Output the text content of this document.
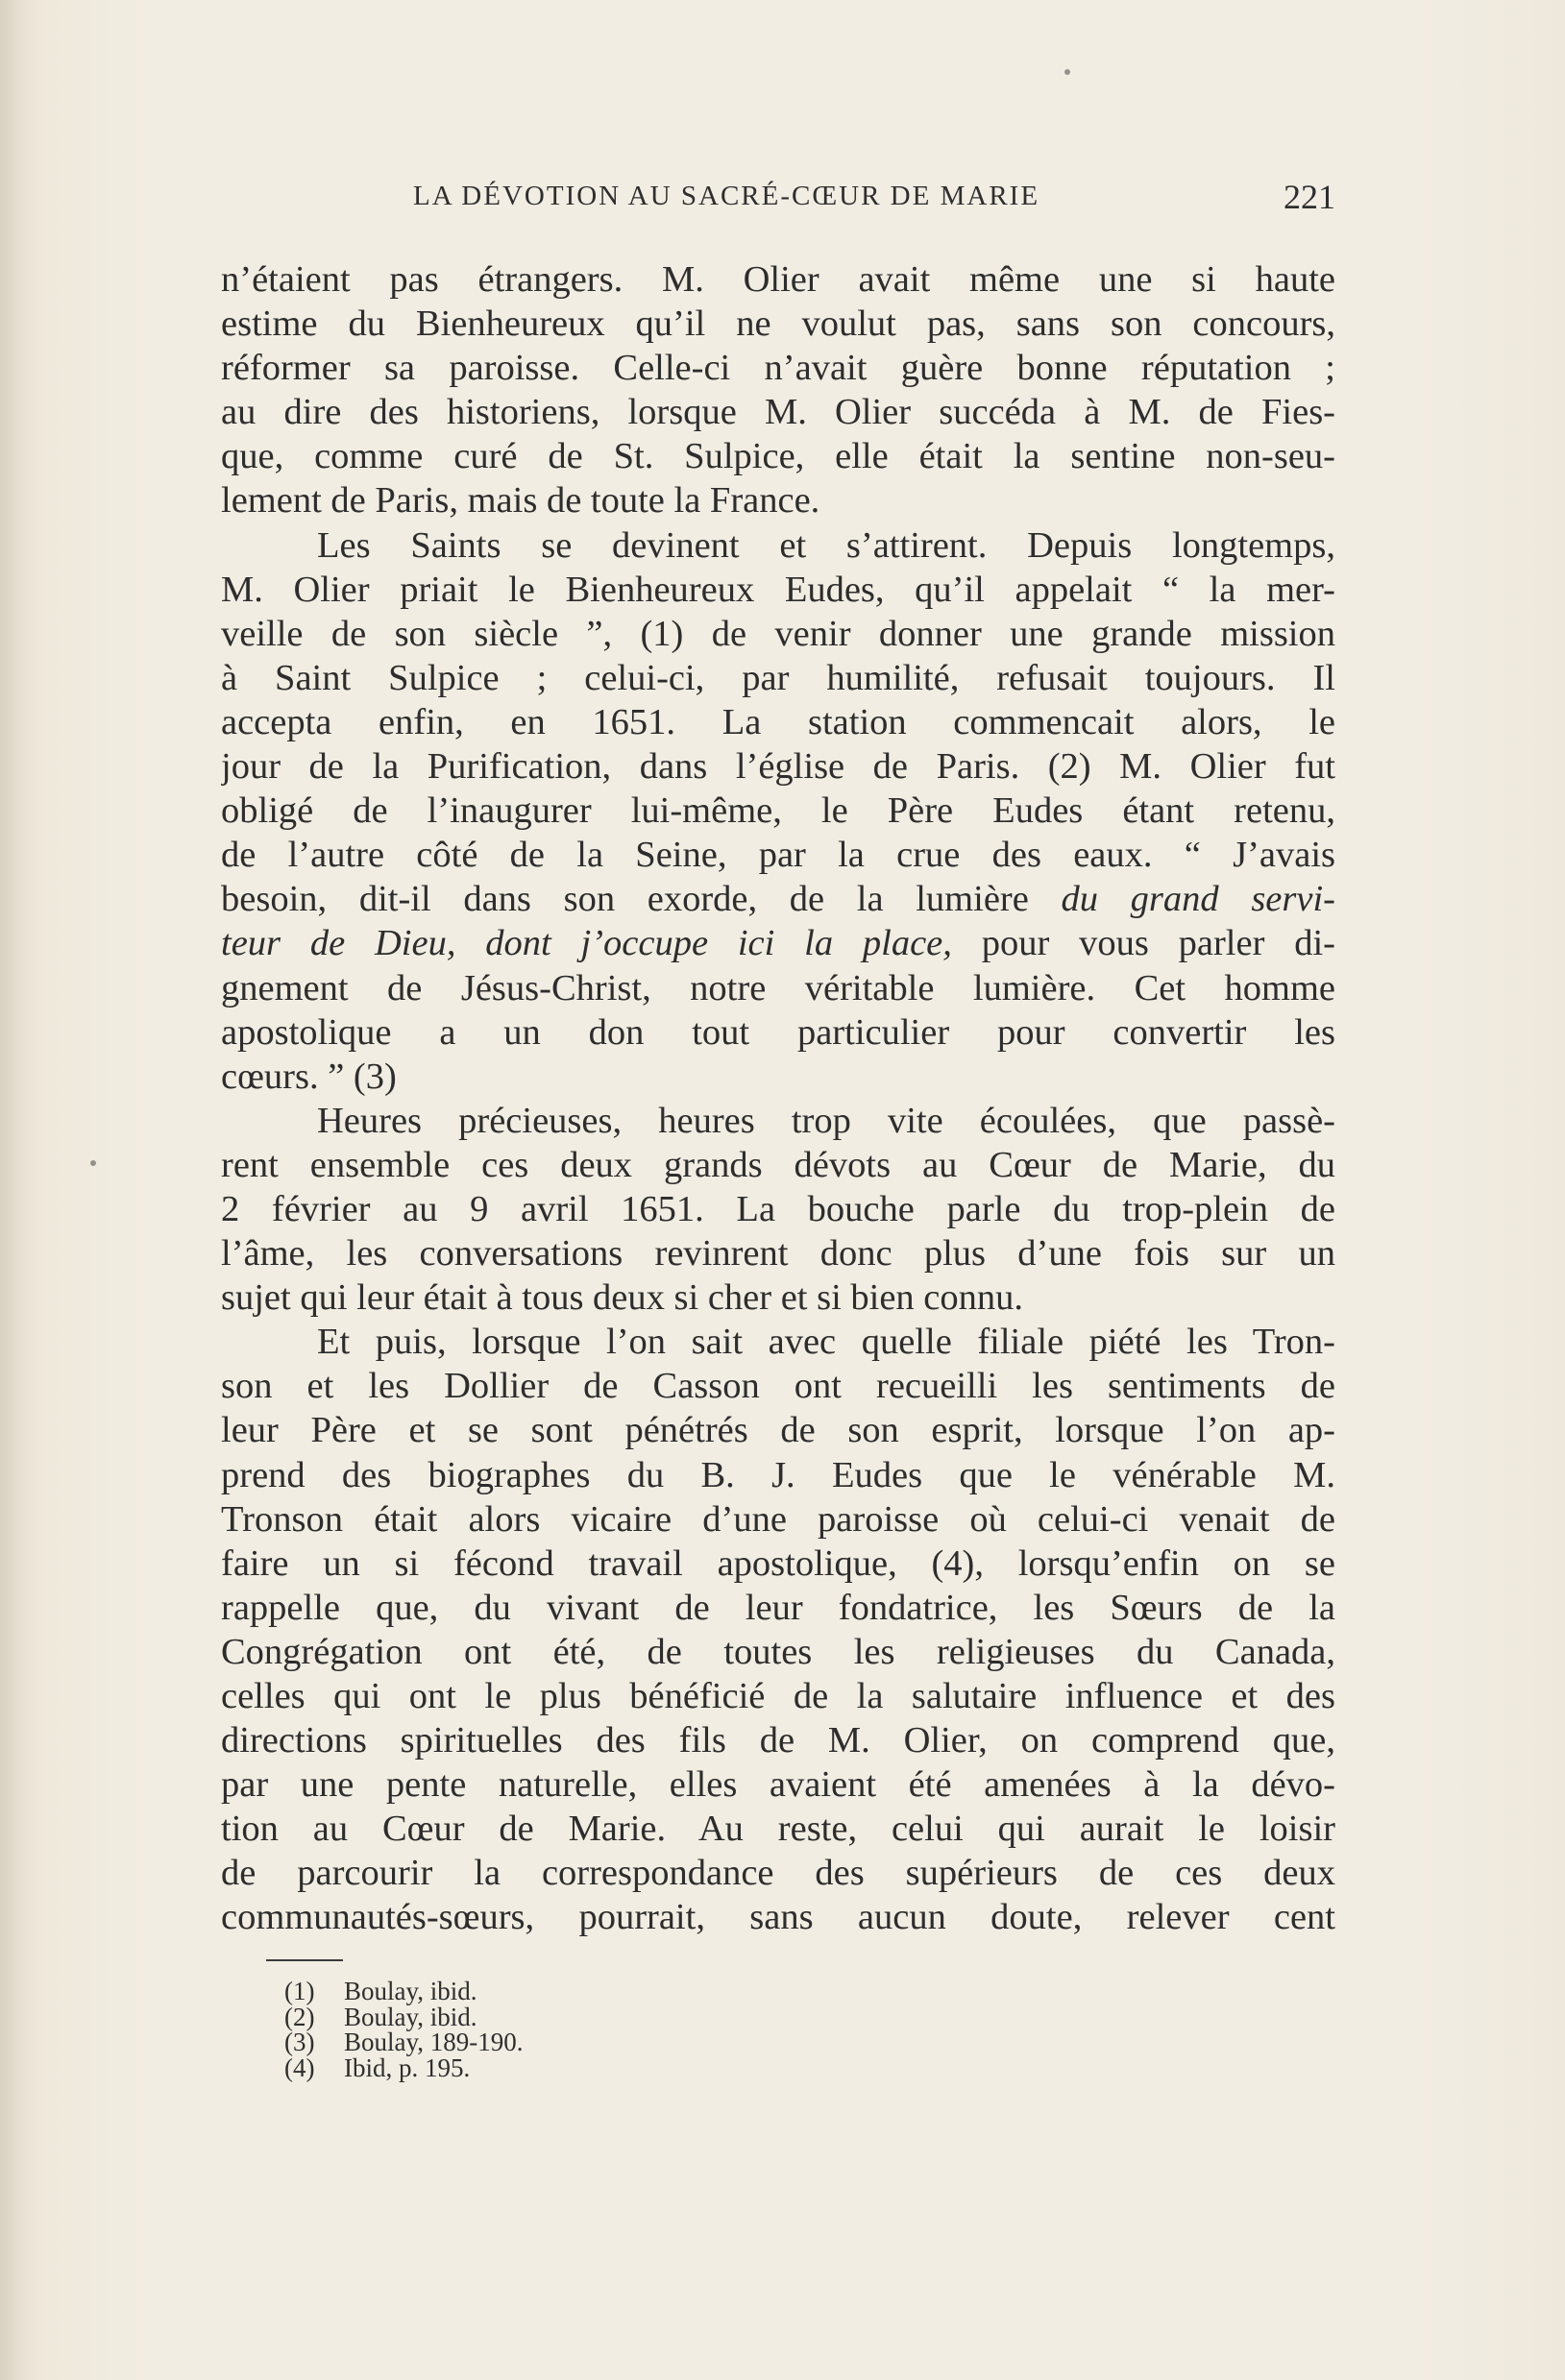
LA DÉVOTION AU SACRÉ-CŒUR DE MARIE	221
n’étaient pas étrangers. M. Olier avait même une si haute
estime du Bienheureux qu’il ne voulut pas, sans son concours,
réformer sa paroisse. Celle-ci n’avait guère bonne réputation ;
au dire des historiens, lorsque M. Olier succéda à M. de Fies-
que, comme curé de St. Sulpice, elle était la sentine non-seu-
lement de Paris, mais de toute la France.
Les Saints se devinent et s’attirent. Depuis longtemps,
M. Olier priait le Bienheureux Eudes, qu’il appelait “ la mer-
veille de son siècle ”, (1) de venir donner une grande mission
à Saint Sulpice ; celui-ci, par humilité, refusait toujours. Il
accepta enfin, en 1651. La station commencait alors, le
jour de la Purification, dans l’église de Paris. (2) M. Olier fut
obligé de l’inaugurer lui-même, le Père Eudes étant retenu,
de l’autre côté de la Seine, par la crue des eaux. “ J’avais
besoin, dit-il dans son exorde, de la lumière du grand servi-
teur de Dieu, dont j’occupe ici la place, pour vous parler di-
gnement de Jésus-Christ, notre véritable lumière. Cet homme
apostolique a un don tout particulier pour convertir les
cœurs. ” (3)
Heures précieuses, heures trop vite écoulées, que passè-
rent ensemble ces deux grands dévots au Cœur de Marie, du
2 février au 9 avril 1651. La bouche parle du trop-plein de
l’âme, les conversations revinrent donc plus d’une fois sur un
sujet qui leur était à tous deux si cher et si bien connu.
Et puis, lorsque l’on sait avec quelle filiale piété les Tron-
son et les Dollier de Casson ont recueilli les sentiments de
leur Père et se sont pénétrés de son esprit, lorsque l’on ap-
prend des biographes du B. J. Eudes que le vénérable M.
Tronson était alors vicaire d’une paroisse où celui-ci venait de
faire un si fécond travail apostolique, (4), lorsqu’enfin on se
rappelle que, du vivant de leur fondatrice, les Sœurs de la
Congrégation ont été, de toutes les religieuses du Canada,
celles qui ont le plus bénéficié de la salutaire influence et des
directions spirituelles des fils de M. Olier, on comprend que,
par une pente naturelle, elles avaient été amenées à la dévo-
tion au Cœur de Marie. Au reste, celui qui aurait le loisir
de parcourir la correspondance des supérieurs de ces deux
communautés-sœurs, pourrait, sans aucun doute, relever cent
(1) Boulay, ibid.
(2) Boulay, ibid.
(3) Boulay, 189-190.
(4) Ibid, p. 195.
